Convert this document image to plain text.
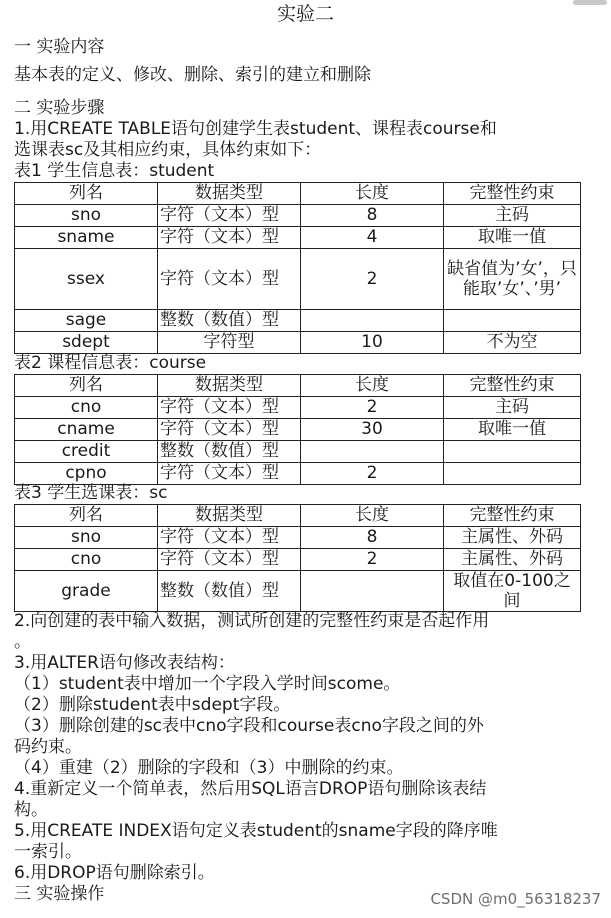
实验二
一 实验内容
基本表的定义、修改、删除、索引的建立和删除
二 实验步骤
1.用CREATE TABLE语句创建学生表student、课程表course和
选课表sc及其相应约束，具体约束如下：
表1 学生信息表：student
列名	数据类型	长度	完整性约束
sno	字符（文本）型	8	主码
sname	字符（文本）型	4	取唯一值
ssex	字符（文本）型	2	缺省值为’女’，只能取’女’、’男’
sage	整数（数值）型		
sdept	字符型	10	不为空
表2 课程信息表：course
列名	数据类型	长度	完整性约束
cno	字符（文本）型	2	主码
cname	字符（文本）型	30	取唯一值
credit	整数（数值）型		
cpno	字符（文本）型	2	
表3 学生选课表：sc
列名	数据类型	长度	完整性约束
sno	字符（文本）型	8	主属性、外码
cno	字符（文本）型	2	主属性、外码
grade	整数（数值）型		取值在0-100之间
2.向创建的表中输入数据，测试所创建的完整性约束是否起作用
。
3.用ALTER语句修改表结构：
（1）student表中增加一个字段入学时间scome。
（2）删除student表中sdept字段。
（3）删除创建的sc表中cno字段和course表cno字段之间的外
码约束。
（4）重建（2）删除的字段和（3）中删除的约束。
4.重新定义一个简单表，然后用SQL语言DROP语句删除该表结
构。
5.用CREATE INDEX语句定义表student的sname字段的降序唯
一索引。
6.用DROP语句删除索引。
三 实验操作	CSDN @m0_56318237
